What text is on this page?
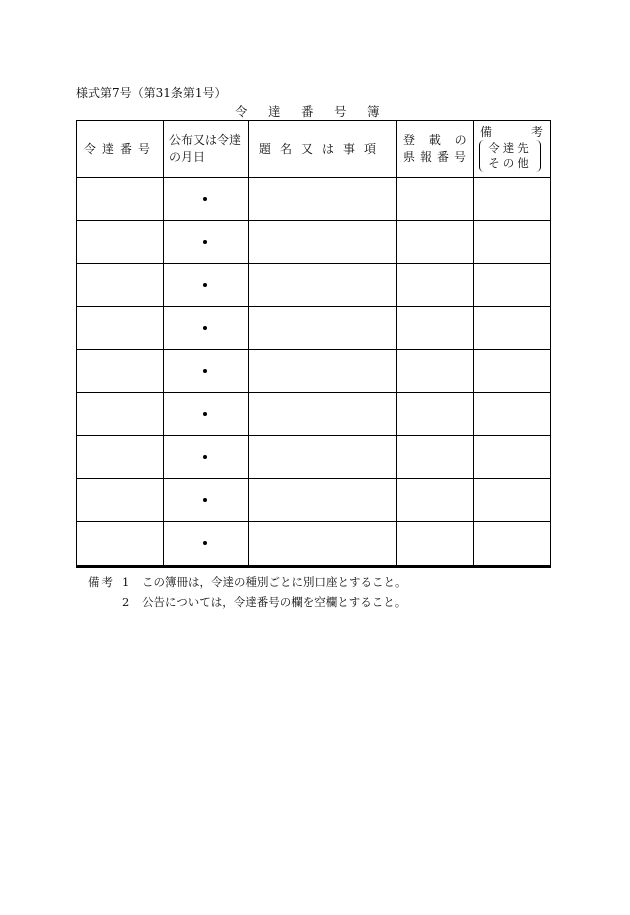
様式第7号（第31条第1号）
令 達 番 号 簿
令達番号
公布又は令達
の月日
題名又は事項
登 載 の
県報番号
備	考
令達先
その他
備考 1 この簿冊は，令達の種別ごとに別口座とすること。
2 公告については，令達番号の欄を空欄とすること。
